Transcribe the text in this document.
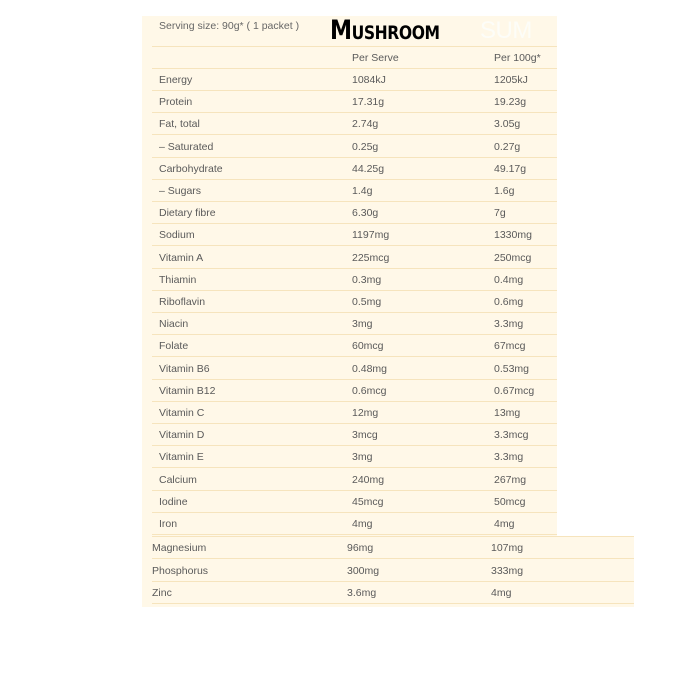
Serving size: 90g* ( 1 packet ) Mushroom SUM
Per Serve	Per 100g*
Energy	1084kJ	1205kJ
Protein	17.31g	19.23g
Fat, total	2.74g	3.05g
– Saturated	0.25g	0.27g
Carbohydrate	44.25g	49.17g
– Sugars	1.4g	1.6g
Dietary fibre	6.30g	7g
Sodium	1197mg	1330mg
Vitamin A	225mcg	250mcg
Thiamin	0.3mg	0.4mg
Riboflavin	0.5mg	0.6mg
Niacin	3mg	3.3mg
Folate	60mcg	67mcg
Vitamin B6	0.48mg	0.53mg
Vitamin B12	0.6mcg	0.67mcg
Vitamin C	12mg	13mg
Vitamin D	3mcg	3.3mcg
Vitamin E	3mg	3.3mg
Calcium	240mg	267mg
Iodine	45mcg	50mcg
Iron	4mg	4mg
Magnesium	96mg	107mg
Phosphorus	300mg	333mg
Zinc	3.6mg	4mg
